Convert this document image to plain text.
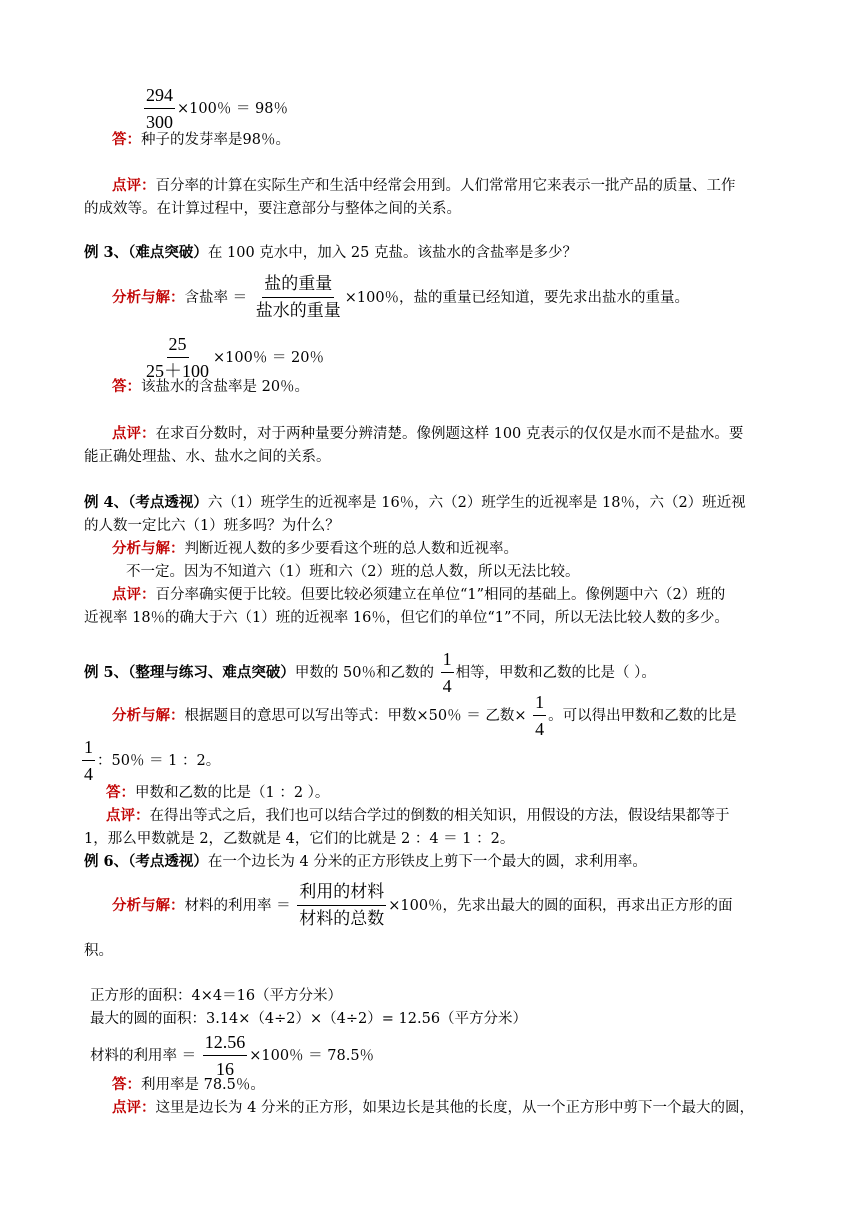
$\frac{294}{300} \times 100$％ ＝ 98％
答：种子的发芽率是98％。
点评：百分率的计算在实际生产和生活中经常会用到。人们常常用它来表示一批产品的质量、工作
的成效等。在计算过程中，要注意部分与整体之间的关系。
例 3、（难点突破）在 100 克水中，加入 25 克盐。该盐水的含盐率是多少？
分析与解：含盐率 ＝ $\frac{\text{盐的重量}}{\text{盐水的重量}} \times 100$％，盐的重量已经知道，要先求出盐水的重量。
$\frac{25}{25+100} \times 100$％ ＝ 20％
答：该盐水的含盐率是 20％。
点评：在求百分数时，对于两种量要分辨清楚。像例题这样 100 克表示的仅仅是水而不是盐水。要
能正确处理盐、水、盐水之间的关系。
例 4、（考点透视）六（1）班学生的近视率是 16％，六（2）班学生的近视率是 18％，六（2）班近视
的人数一定比六（1）班多吗？为什么？
分析与解：判断近视人数的多少要看这个班的总人数和近视率。
不一定。因为不知道六（1）班和六（2）班的总人数，所以无法比较。
点评：百分率确实便于比较。但要比较必须建立在单位“1”相同的基础上。像例题中六（2）班的
近视率 18％的确大于六（1）班的近视率 16％，但它们的单位“1”不同，所以无法比较人数的多少。
例 5、（整理与练习、难点突破）甲数的 50％和乙数的 $\frac{1}{4}$ 相等，甲数和乙数的比是（ ）。
分析与解：根据题目的意思可以写出等式：甲数×50％ ＝ 乙数× $\frac{1}{4}$ 。可以得出甲数和乙数的比是
$\frac{1}{4}$ ：50％ ＝ 1 ：2。
答：甲数和乙数的比是（1 ：2 ）。
点评：在得出等式之后，我们也可以结合学过的倒数的相关知识，用假设的方法，假设结果都等于
1，那么甲数就是 2，乙数就是 4，它们的比就是 2 ：4 ＝ 1 ：2。
例 6、（考点透视）在一个边长为 4 分米的正方形铁皮上剪下一个最大的圆，求利用率。
分析与解：材料的利用率 ＝ $\frac{\text{利用的材料}}{\text{材料的总数}} \times 100$％，先求出最大的圆的面积，再求出正方形的面
积。
正方形的面积：4×4＝16（平方分米）
最大的圆的面积：3.14×（4÷2）×（4÷2）= 12.56（平方分米）
材料的利用率 ＝ $\frac{12.56}{16} \times 100$％ ＝ 78.5％
答：利用率是 78.5％。
点评：这里是边长为 4 分米的正方形，如果边长是其他的长度，从一个正方形中剪下一个最大的圆，
